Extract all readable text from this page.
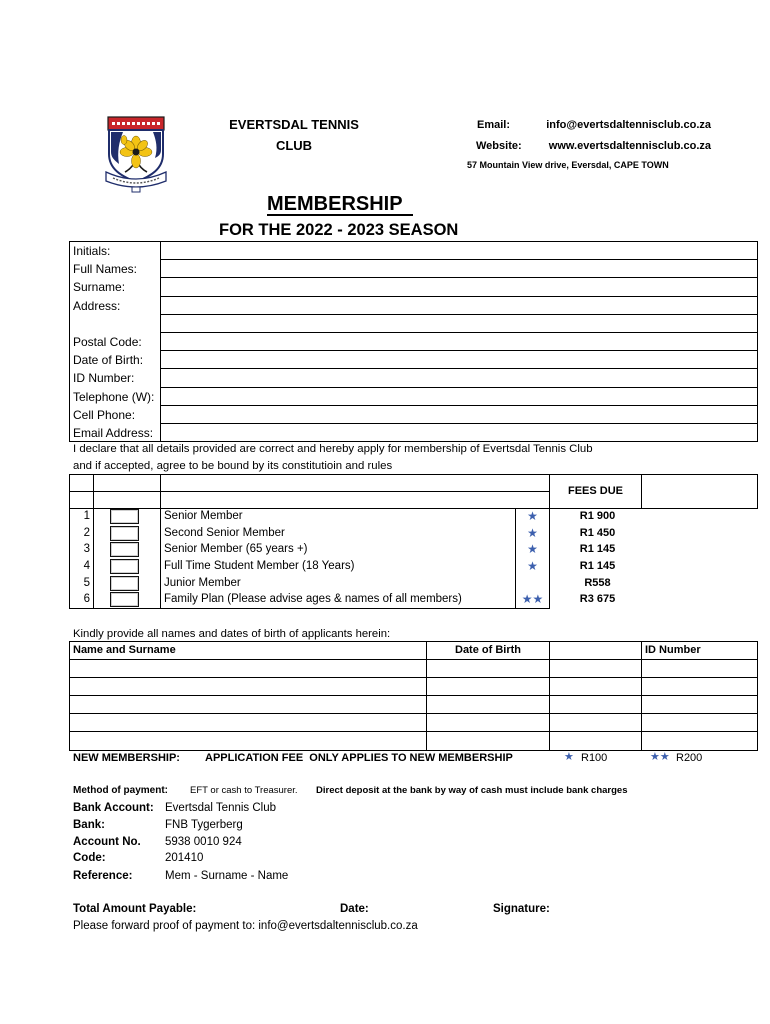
EVERTSDAL TENNIS
CLUB
Email:	info@evertsdaltennisclub.co.za
Website: www.evertsdaltennisclub.co.za
57 Mountain View drive, Eversdal, CAPE TOWN
MEMBERSHIP
FOR THE 2022 - 2023 SEASON
Initials:
Full Names:
Surname:
Address:
Postal Code:
Date of Birth:
ID Number:
Telephone (W):
Cell Phone:
Email Address:
I declare that all details provided are correct and hereby apply for membership of Evertsdal Tennis Club
and if accepted, agree to be bound by its constitutioin and rules
FEES DUE
1	Senior Member	★	R1 900
2	Second Senior Member	★	R1 450
3	Senior Member (65 years +)	★	R1 145
4	Full Time Student Member (18 Years)	★	R1 145
5	Junior Member	R558
6	Family Plan (Please advise ages & names of all members)	★★	R3 675
Kindly provide all names and dates of birth of applicants herein:
Name and Surname	Date of Birth	ID Number
NEW MEMBERSHIP: APPLICATION FEE  ONLY APPLIES TO NEW MEMBERSHIP	★ R100	★★ R200
Method of payment: EFT or cash to Treasurer. Direct deposit at the bank by way of cash must include bank charges
Bank Account: Evertsdal Tennis Club
Bank:	FNB Tygerberg
Account No. 5938 0010 924
Code:	201410
Reference:	Mem - Surname - Name
Total Amount Payable:	Date:	Signature:
Please forward proof of payment to: info@evertsdaltennisclub.co.za
